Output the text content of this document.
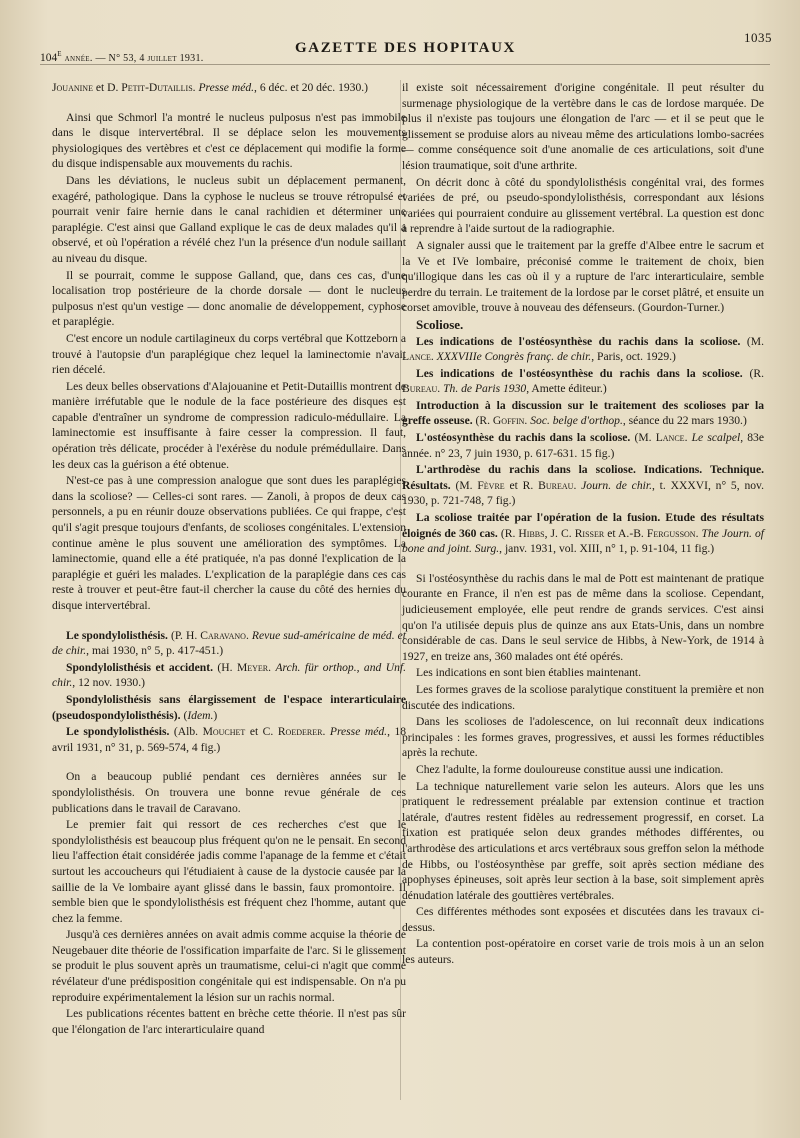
104e année. — N° 53, 4 juillet 1931.
GAZETTE DES HOPITAUX
1035

Jouanine et D. Petit-Dutaillis. Presse méd., 6 déc. et 20 déc. 1930.)

Ainsi que Schmorl l'a montré le nucleus pulposus n'est pas immobile dans le disque intervertébral. Il se déplace selon les mouvements physiologiques des vertèbres et c'est ce déplacement qui modifie la forme du disque indispensable aux mouvements du rachis.

Dans les déviations, le nucleus subit un déplacement permanent, exagéré, pathologique. Dans la cyphose le nucleus se trouve rétropulsé et pourrait venir faire hernie dans le canal rachidien et déterminer une paraplégie. C'est ainsi que Galland explique le cas de deux malades qu'il a observé, et où l'opération a révélé chez l'un la présence d'un nodule saillant au niveau du disque.

Il se pourrait, comme le suppose Galland, que, dans ces cas, d'une localisation trop postérieure de la chorde dorsale — dont le nucleus pulposus n'est qu'un vestige — donc anomalie de développement, cyphose et paraplégie.

C'est encore un nodule cartilagineux du corps vertébral que Kottzeborn a trouvé à l'autopsie d'un paraplégique chez lequel la laminectomie n'avait rien décelé.

Les deux belles observations d'Alajouanine et Petit-Dutaillis montrent de manière irréfutable que le nodule de la face postérieure des disques est capable d'entraîner un syndrome de compression radiculo-médullaire. La laminectomie est insuffisante à faire cesser la compression. Il faut, opération très délicate, procéder à l'exérèse du nodule prémédullaire. Dans les deux cas la guérison a été obtenue.

N'est-ce pas à une compression analogue que sont dues les paraplégies dans la scoliose? — Celles-ci sont rares. — Zanoli, à propos de deux cas personnels, a pu en réunir douze observations publiées. Ce qui frappe, c'est qu'il s'agit presque toujours d'enfants, de scolioses congénitales. L'extension continue amène le plus souvent une amélioration des symptômes. La laminectomie, quand elle a été pratiquée, n'a pas donné l'explication de la paraplégie et guéri les malades. L'explication de la paraplégie dans ces cas reste à trouver et peut-être faut-il chercher la cause du côté des hernies du disque intervertébral.

Le spondylolisthésis. (P. H. Caravano. Revue sud-américaine de méd. et de chir., mai 1930, n° 5, p. 417-451.)

Spondylolisthésis et accident. (H. Meyer. Arch. für orthop., and Unf. chir., 12 nov. 1930.)

Spondylolisthésis sans élargissement de l'espace interarticulaire (pseudospondylolisthésis). (Idem.)

Le spondylolisthésis. (Alb. Mouchet et C. Roederer. Presse méd., 18 avril 1931, n° 31, p. 569-574, 4 fig.)

On a beaucoup publié pendant ces dernières années sur le spondylolisthésis. On trouvera une bonne revue générale de ces publications dans le travail de Caravano.

Le premier fait qui ressort de ces recherches c'est que le spondylolisthésis est beaucoup plus fréquent qu'on ne le pensait. En second lieu l'affection était considérée jadis comme l'apanage de la femme et c'était surtout les accoucheurs qui l'étudiaient à cause de la dystocie causée par la saillie de la Ve lombaire ayant glissé dans le bassin, faux promontoire. Il semble bien que le spondylolisthésis est fréquent chez l'homme, autant que chez la femme.

Jusqu'à ces dernières années on avait admis comme acquise la théorie de Neugebauer dite théorie de l'ossification imparfaite de l'arc. Si le glissement se produit le plus souvent après un traumatisme, celui-ci n'agit que comme révélateur d'une prédisposition congénitale qui est indispensable. On n'a pu reproduire expérimentalement la lésion sur un rachis normal.

Les publications récentes battent en brèche cette théorie. Il n'est pas sûr que l'élongation de l'arc interarticulaire quand

il existe soit nécessairement d'origine congénitale. Il peut résulter du surmenage physiologique de la vertèbre dans le cas de lordose marquée. De plus il n'existe pas toujours une élongation de l'arc — et il se peut que le glissement se produise alors au niveau même des articulations lombo-sacrées — comme conséquence soit d'une anomalie de ces articulations, soit d'une lésion traumatique, soit d'une arthrite.

On décrit donc à côté du spondylolisthésis congénital vrai, des formes variées de pré, ou pseudo-spondylolisthésis, correspondant aux lésions variées qui pourraient conduire au glissement vertébral. La question est donc à reprendre à l'aide surtout de la radiographie.

A signaler aussi que le traitement par la greffe d'Albee entre le sacrum et la Ve et IVe lombaire, préconisé comme le traitement de choix, bien qu'illogique dans les cas où il y a rupture de l'arc interarticulaire, semble perdre du terrain. Le traitement de la lordose par le corset plâtré, et ensuite un corset amovible, trouve à nouveau des défenseurs. (Gourdon-Turner.)

Scoliose.

Les indications de l'ostéosynthèse du rachis dans la scoliose. (M. Lance. XXXVIIIe Congrès franç. de chir., Paris, oct. 1929.)

Les indications de l'ostéosynthèse du rachis dans la scoliose. (R. Bureau. Th. de Paris 1930, Amette éditeur.)

Introduction à la discussion sur le traitement des scolioses par la greffe osseuse. (R. Goffin. Soc. belge d'orthop., séance du 22 mars 1930.)

L'ostéosynthèse du rachis dans la scoliose. (M. Lance. Le scalpel, 83e année. n° 23, 7 juin 1930, p. 617-631. 15 fig.)

L'arthrodèse du rachis dans la scoliose. Indications. Technique. Résultats. (M. Fèvre et R. Bureau. Journ. de chir., t. XXXVI, n° 5, nov. 1930, p. 721-748, 7 fig.)

La scoliose traitée par l'opération de la fusion. Etude des résultats éloignés de 360 cas. (R. Hibbs, J. C. Risser et A.-B. Fergusson. The Journ. of bone and joint. Surg., janv. 1931, vol. XIII, n° 1, p. 91-104, 11 fig.)

Si l'ostéosynthèse du rachis dans le mal de Pott est maintenant de pratique courante en France, il n'en est pas de même dans la scoliose. Cependant, judicieusement employée, elle peut rendre de grands services. C'est ainsi qu'on l'a utilisée depuis plus de quinze ans aux Etats-Unis, dans un nombre considérable de cas. Dans le seul service de Hibbs, à New-York, de 1914 à 1927, en treize ans, 360 malades ont été opérés.

Les indications en sont bien établies maintenant.

Les formes graves de la scoliose paralytique constituent la première et non discutée des indications.

Dans les scolioses de l'adolescence, on lui reconnaît deux indications principales : les formes graves, progressives, et aussi les formes réductibles après la rechute.

Chez l'adulte, la forme douloureuse constitue aussi une indication.

La technique naturellement varie selon les auteurs. Alors que les uns pratiquent le redressement préalable par extension continue et traction latérale, d'autres restent fidèles au redressement progressif, en corset. La fixation est pratiquée selon deux grandes méthodes différentes, ou l'arthrodèse des articulations et arcs vertébraux sous greffon selon la méthode de Hibbs, ou l'ostéosynthèse par greffe, soit après section médiane des apophyses épineuses, soit après leur section à la base, soit simplement après dénudation latérale des gouttières vertébrales.

Ces différentes méthodes sont exposées et discutées dans les travaux ci-dessus.

La contention post-opératoire en corset varie de trois mois à un an selon les auteurs.
